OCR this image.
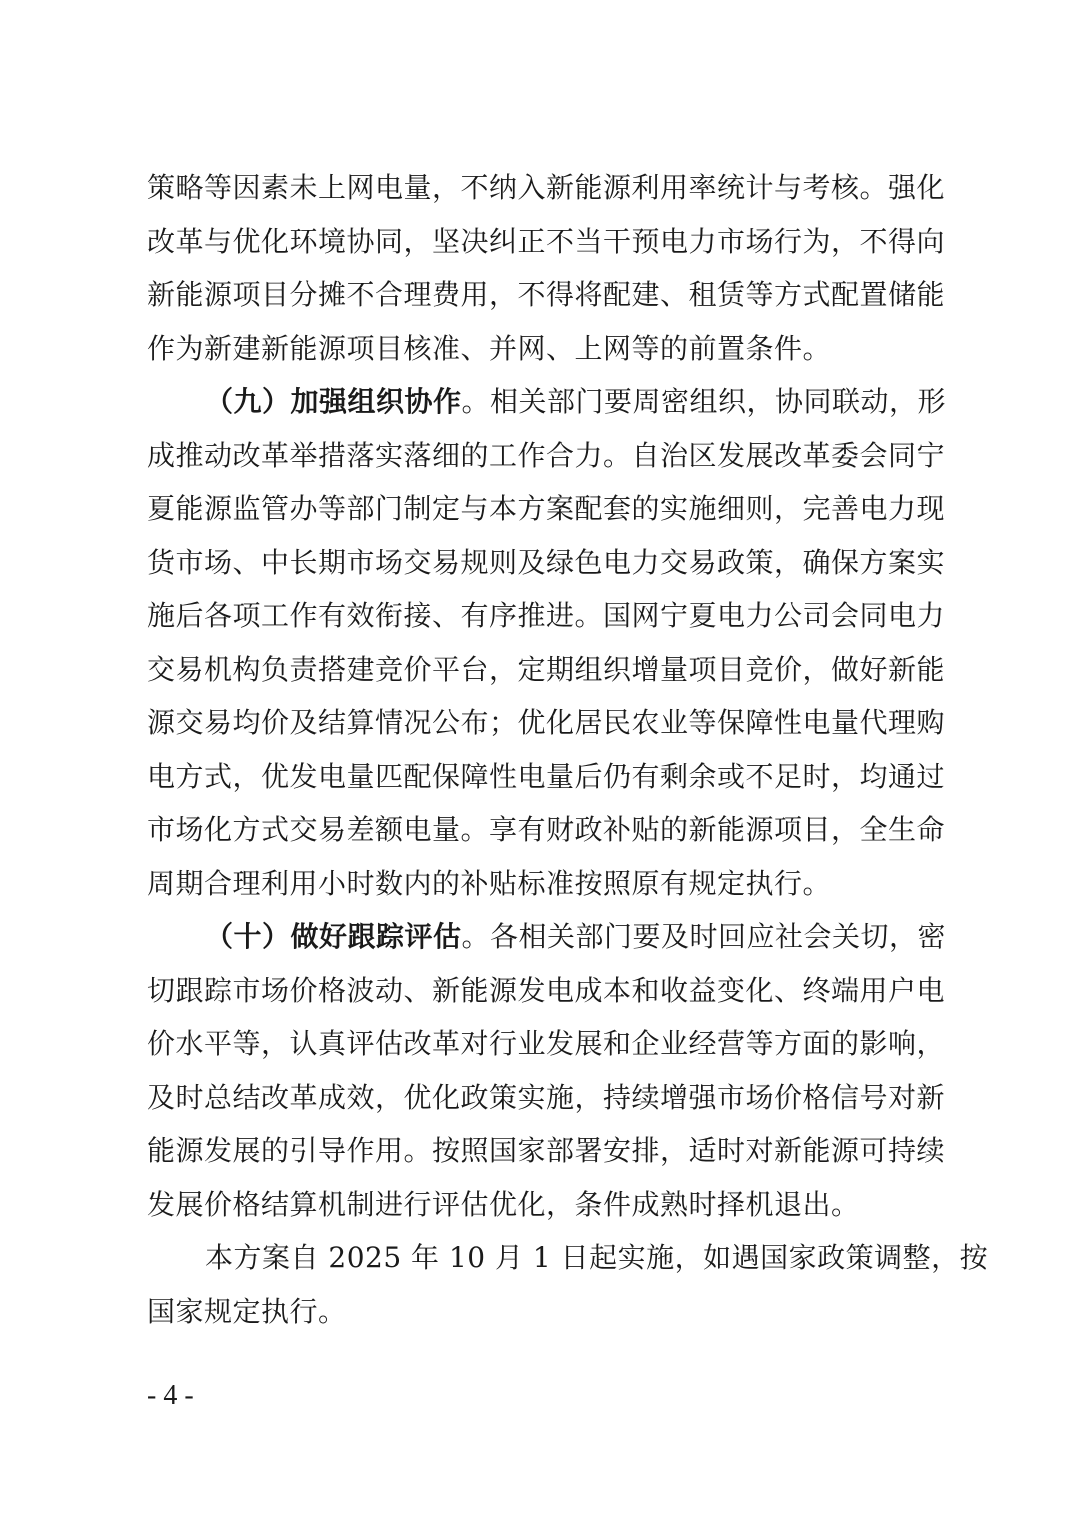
策略等因素未上网电量，不纳入新能源利用率统计与考核。强化
改革与优化环境协同，坚决纠正不当干预电力市场行为，不得向
新能源项目分摊不合理费用，不得将配建、租赁等方式配置储能
作为新建新能源项目核准、并网、上网等的前置条件。
（九）加强组织协作。相关部门要周密组织，协同联动，形
成推动改革举措落实落细的工作合力。自治区发展改革委会同宁
夏能源监管办等部门制定与本方案配套的实施细则，完善电力现
货市场、中长期市场交易规则及绿色电力交易政策，确保方案实
施后各项工作有效衔接、有序推进。国网宁夏电力公司会同电力
交易机构负责搭建竞价平台，定期组织增量项目竞价，做好新能
源交易均价及结算情况公布；优化居民农业等保障性电量代理购
电方式，优发电量匹配保障性电量后仍有剩余或不足时，均通过
市场化方式交易差额电量。享有财政补贴的新能源项目，全生命
周期合理利用小时数内的补贴标准按照原有规定执行。
（十）做好跟踪评估。各相关部门要及时回应社会关切，密
切跟踪市场价格波动、新能源发电成本和收益变化、终端用户电
价水平等，认真评估改革对行业发展和企业经营等方面的影响，
及时总结改革成效，优化政策实施，持续增强市场价格信号对新
能源发展的引导作用。按照国家部署安排，适时对新能源可持续
发展价格结算机制进行评估优化，条件成熟时择机退出。
本方案自 2025 年 10 月 1 日起实施，如遇国家政策调整，按
国家规定执行。
- 4 -
